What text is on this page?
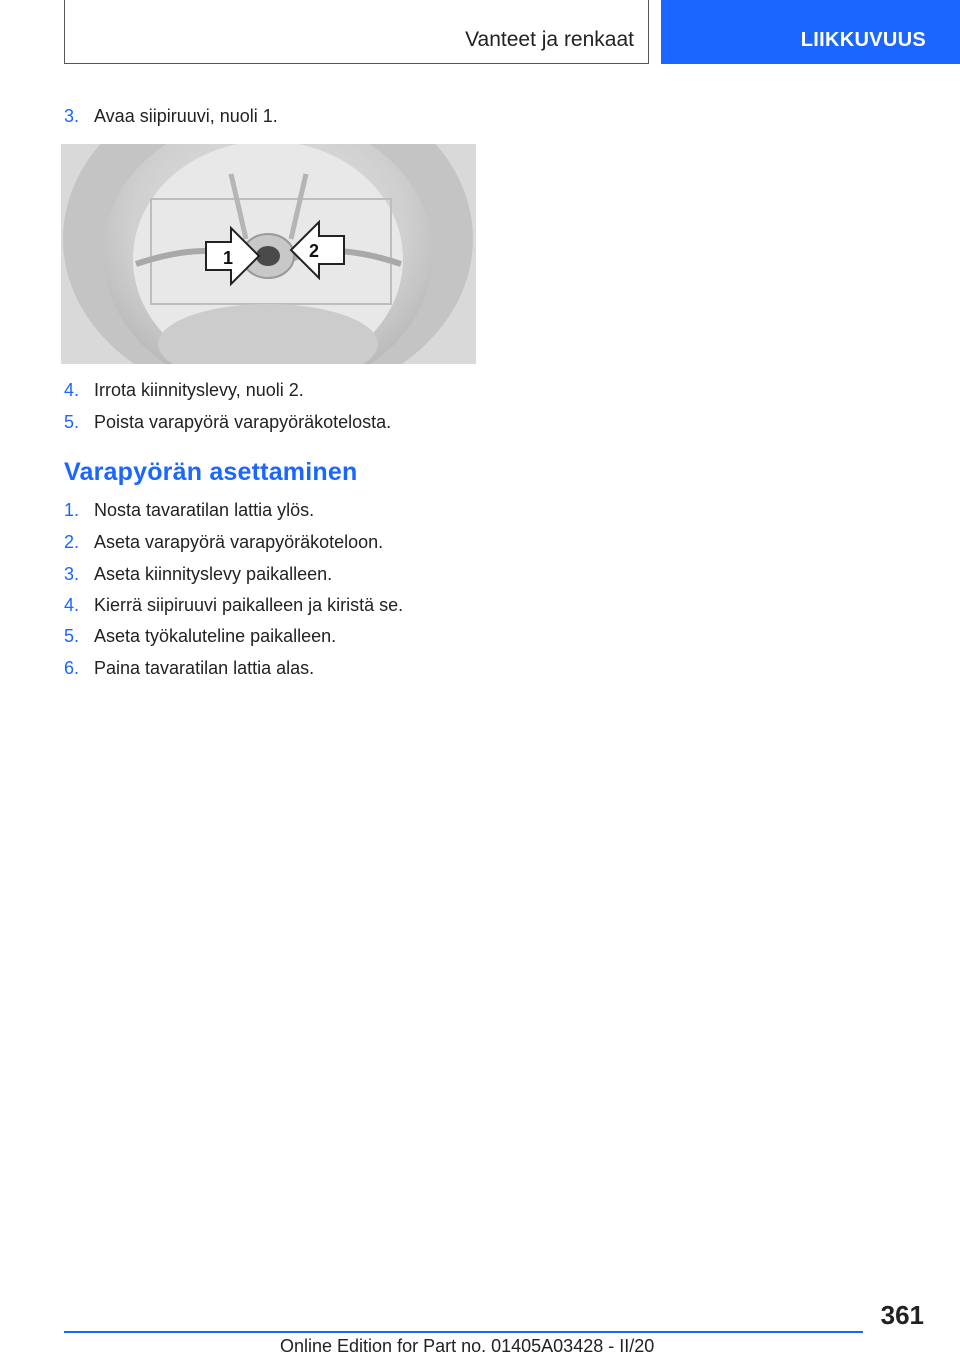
Vanteet ja renkaat	LIIKKUVUUS
3. Avaa siipiruuvi, nuoli 1.
1	2
4. Irrota kiinnityslevy, nuoli 2.
5. Poista varapyörä varapyöräkotelosta.
Varapyörän asettaminen
1. Nosta tavaratilan lattia ylös.
2. Aseta varapyörä varapyöräkoteloon.
3. Aseta kiinnityslevy paikalleen.
4. Kierrä siipiruuvi paikalleen ja kiristä se.
5. Aseta työkaluteline paikalleen.
6. Paina tavaratilan lattia alas.
361
Online Edition for Part no. 01405A03428 - II/20
